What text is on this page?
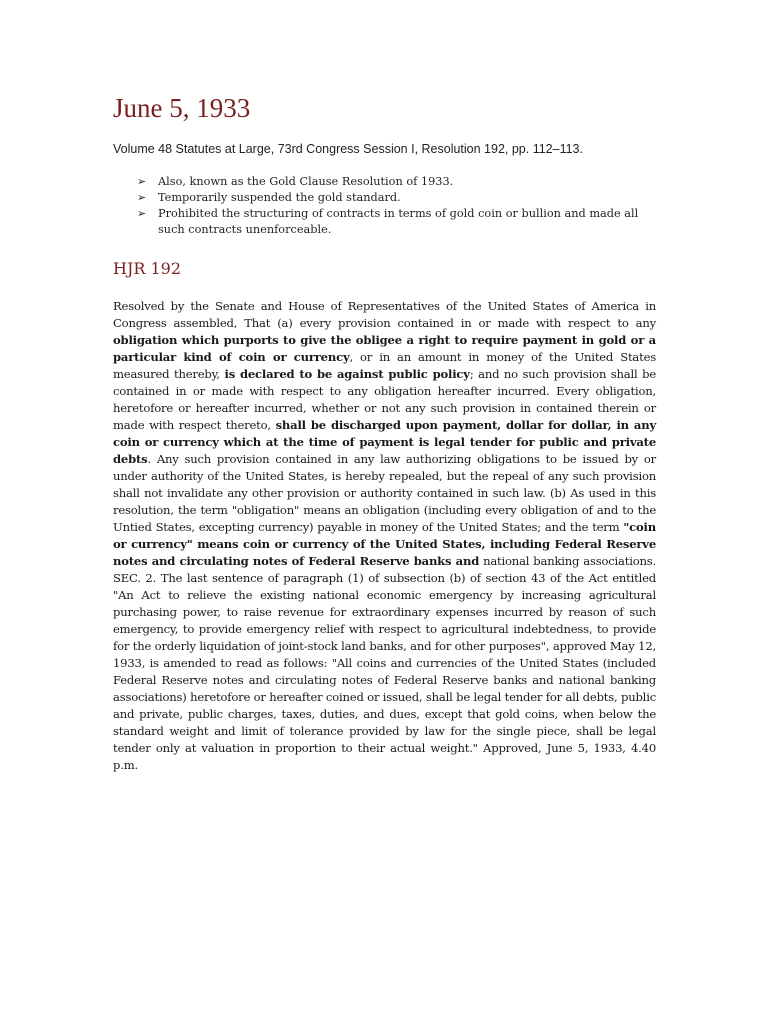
June 5, 1933

Volume 48 Statutes at Large, 73rd Congress Session I, Resolution 192, pp. 112–113.

➢ Also, known as the Gold Clause Resolution of 1933.
➢ Temporarily suspended the gold standard.
➢ Prohibited the structuring of contracts in terms of gold coin or bullion and made all such contracts unenforceable.
HJR 192

Resolved by the Senate and House of Representatives of the United States of America in Congress assembled, That (a) every provision contained in or made with respect to any obligation which purports to give the obligee a right to require payment in gold or a particular kind of coin or currency, or in an amount in money of the United States measured thereby, is declared to be against public policy; and no such provision shall be contained in or made with respect to any obligation hereafter incurred. Every obligation, heretofore or hereafter incurred, whether or not any such provision in contained therein or made with respect thereto, shall be discharged upon payment, dollar for dollar, in any coin or currency which at the time of payment is legal tender for public and private debts. Any such provision contained in any law authorizing obligations to be issued by or under authority of the United States, is hereby repealed, but the repeal of any such provision shall not invalidate any other provision or authority contained in such law. (b) As used in this resolution, the term "obligation" means an obligation (including every obligation of and to the Untied States, excepting currency) payable in money of the United States; and the term "coin or currency" means coin or currency of the United States, including Federal Reserve notes and circulating notes of Federal Reserve banks and national banking associations. SEC. 2. The last sentence of paragraph (1) of subsection (b) of section 43 of the Act entitled "An Act to relieve the existing national economic emergency by increasing agricultural purchasing power, to raise revenue for extraordinary expenses incurred by reason of such emergency, to provide emergency relief with respect to agricultural indebtedness, to provide for the orderly liquidation of joint-stock land banks, and for other purposes", approved May 12, 1933, is amended to read as follows: "All coins and currencies of the United States (included Federal Reserve notes and circulating notes of Federal Reserve banks and national banking associations) heretofore or hereafter coined or issued, shall be legal tender for all debts, public and private, public charges, taxes, duties, and dues, except that gold coins, when below the standard weight and limit of tolerance provided by law for the single piece, shall be legal tender only at valuation in proportion to their actual weight." Approved, June 5, 1933, 4.40 p.m.
